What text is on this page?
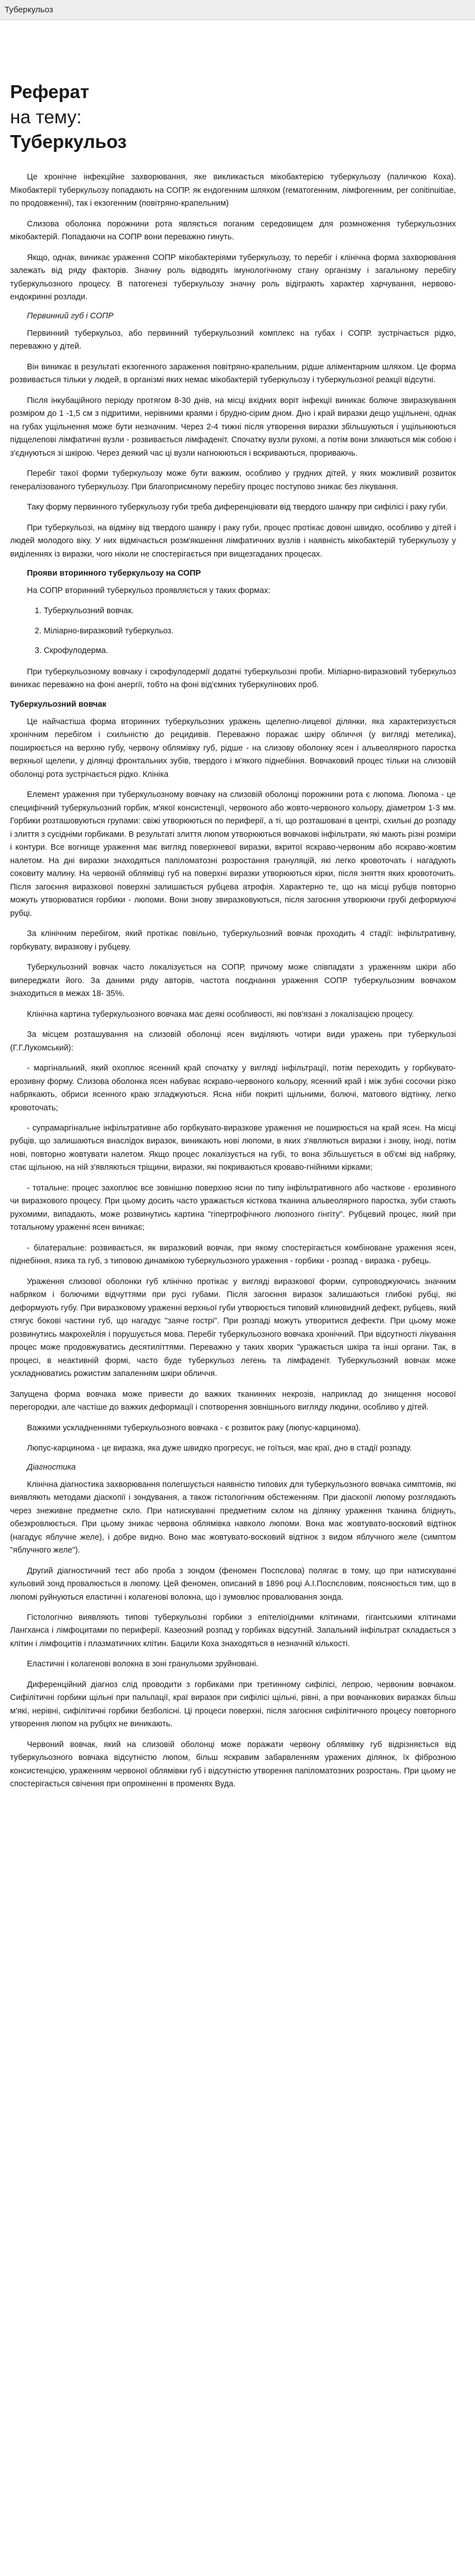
Туберкульоз
Реферат
на тему:
Туберкульоз

Це хронічне інфекційне захворювання, яке викликається мікобактерією туберкульозу (паличкою Коха). Мікобактерії туберкульозу попадають на СОПР. як ендогенним шляхом (гематогенним, лімфогенним, per conitinuitiae, по продовженні), так і екзогенним (повітряно-крапельним)

Слизова оболонка порожнини рота являється поганим середовищем для розмноження туберкульозних мікобактерій. Попадаючи на СОПР вони переважно гинуть.

Якщо, однак, виникає ураження СОПР мікобактеріями туберкульозу, то перебіг і клінічна форма захворювання залежать від ряду факторів. Значну роль відводять імунологічному стану організму і загальному перебігу туберкульозного процесу. В патогенезі туберкульозу значну роль відіграють характер харчування, нервово-ендокринні розлади.

Первинний губ і СОПР

Первинний туберкульоз, або первинний туберкульозний комплекс на губах і СОПР. зустрічається рідко, переважно у дітей.

Він виникає в результаті екзогенного зараження повітряно-крапельним, рідше аліментарним шляхом. Це форма розвивається тільки у людей, в організмі яких немає мікобактерій туберкульозу і туберкульозної реакції відсутні.

Після інкубаційного періоду протягом 8-30 днів, на місці вхідних воріт інфекції виникає болюче звиразкування розміром до 1 -1,5 см з підритими, нерівними краями і брудно-сірим дном. Дно і край виразки дещо ущільнені, однак на губах ущільнення може бути незначним. Через 2-4 тижні після утворення виразки збільшуються і ущільнюються підщелепові лімфатичні вузли - розвивається лімфаденіт. Спочатку вузли рухомі, а потім вони злиаються між собою і з'єднуються зі шкірою. Через деякий час ці вузли нагноюються і вскриваються, прориваючь.

Перебіг такої форми туберкульозу може бути важким, особливо у грудних дітей, у яких можливий розвиток генералізованого туберкульозу. При благоприємному перебігу процес поступово зникає без лікування.

Таку форму первинного туберкульозу губи треба диференціювати від твердого шанкру при сифілісі і раку губи.

При туберкульозі, на відміну від твердого шанкру і раку губи, процес протікає довоні швидко, особливо у дітей і людей молодого віку. У них відмічається розм'якшення лімфатичних вузлів і наявність мікобактерій туберкульозу у виділеннях із виразки, чого ніколи не спостерігається при вищезгаданих процесах.

Прояви вторинного туберкульозу на СОПР

На СОПР вторинний туберкульоз проявляється у таких формах:

1. Туберкульозний вовчак.
2. Міліарно-виразковий туберкульоз.
3. Скрофулодерма.

При туберкульозному вовчаку і скрофулодермії додатні туберкульозні проби. Міліарно-виразковий туберкульоз виникає переважно на фоні анергії, тобто на фоні від'ємних туберкулінових проб.

Туберкульозний вовчак

Це найчастіша форма вторинних туберкульозних уражень щелепно-лицевої ділянки, яка характеризується хронічним перебігом і схильністю до рецидивів. Переважно поражає шкіру обличчя (у вигляді метелика), поширюється на верхню губу, червону облямівку губ, рідше - на слизову оболонку ясен і альвеолярного паростка верхньої щелепи, у ділянці фронтальних зубів, твердого і м'якого піднебіння. Вовчаковий процес тільки на слизовій оболонці рота зустрічається рідко. Клініка

Елемент ураження при туберкульозному вовчаку на слизовій оболонці порожнини рота є люпома. Люпома - це специфічний туберкульозний горбик, м'якої консистенції, червоного або жовто-червоного кольору, діаметром 1-3 мм. Горбики розташовуються групами: свіжі утворюються по периферії, а ті, що розташовані в центрі, схильні до розпаду і злиття з сусідніми горбиками. В результаті злиття люпом утворюються вовчакові інфільтрати, які мають різні розміри і контури. Все вогнище ураження має вигляд поверхневої виразки, вкритої яскраво-червоним або яскраво-жовтим налетом. На дні виразки знаходяться папіломатозні розростання грануляцій, які легко кровоточать і нагадують соковиту малину. На червоній облямівці губ на поверхні виразки утворюються кірки, після зняття яких кровоточить. Після загоєння виразкової поверхні залишається рубцева атрофія. Характерно те, що на місці рубців повторно можуть утворюватися горбики - люпоми. Вони знову звиразковуються, після загоєння утворюючи грубі деформуючі рубці.

За клінічним перебігом, який протікає повільно, туберкульозний вовчак проходить 4 стадії: інфільтративну, горбкувату, виразкову і рубцеву.

Туберкульозний вовчак часто локалізується на СОПР, причому може співпадати з ураженням шкіри або випереджати його. За даними ряду авторів, частота поєднання ураження СОПР туберкульозним вовчаком знаходиться в межах 18- 35%.

Клінічна картина туберкульозного вовчака має деякі особливості, які пов'язані з локалізацією процесу.

За місцем розташування на слизовій оболонці ясен виділяють чотири види уражень при туберкульозі (Г.Г.Лукомський):

- маргінальний, який охоплює ясенний край спочатку у вигляді інфільтрації, потім переходить у горбкувато-ерозивну форму. Слизова оболонка ясен набуває яскраво-червоного кольору, ясенний край і між зубні сосочки різко набрякають, обриси ясенного краю згладжуються. Ясна ніби покриті щільними, болючі, матового відтінку, легко кровоточать;

- супрамаргінальне інфільтративне або горбкувато-виразкове ураження не поширюється на край ясен. На місці рубців, що залишаються внаслідок виразок, виникають нові люпоми, в яких з'являються виразки і знову, іноді, потім нові, повторно жовтувати налетом. Якщо процес локалізується на губі, то вона збільшується в об'ємі від набряку, стає щільною, на ній з'являються тріщини, виразки, які покриваються кроваво-гнійними кірками;

- тотальне: процес захоплює все зовнішню поверхню ясни по типу інфільтративного або часткове - ерозивного чи виразкового процесу. При цьому досить часто уражається кісткова тканина альвеолярного паростка, зуби стають рухомими, випадають, може розвинутись картина "гіпертрофічного люпозного гінгіту". Рубцевий процес, який при тотальному ураженні ясен виникає;

- білатеральне: розвивається, як виразковий вовчак, при якому спостерігається комбіноване ураження ясен, піднебіння, язика та губ, з типовою динамікою туберкульозного ураження - горбики - розпад - виразка - рубець.

Ураження слизової оболонки губ клінічно протікає у вигляді виразкової форми, супроводжуючись значним набряком і болючими відчуттями при русі губами. Після загоєння виразок залишаються глибокі рубці, які деформують губу. При виразковому ураженні верхньої губи утворюється типовий клиновидний дефект, рубцевь, який стягує бокові частини губ, що нагадує "заяче гострі". При розпаді можуть утворитися дефекти. При цьому може розвинутись макрохейлія і порушується мова. Перебіг туберкульозного вовчака хронічний. При відсутності лікування процес може продовжуватись десятиліттями. Переважно у таких хворих "уражається шкіра та інші органи. Так, в процесі, в неактивній формі, часто буде туберкульоз легень та лімфаденіт. Туберкульозний вовчак може ускладнюватись рожистим запаленням шкіри обличчя.

Запущена форма вовчака може привести до важких тканинних некрозів, наприклад до знищення носової перегородки, але частіше до важких деформації і спотворення зовнішнього вигляду людини, особливо у дітей.

Важкими ускладненнями туберкульозного вовчака - є розвиток раку (люпус-карцинома).

Люпус-карцинома - це виразка, яка дуже швидко прогресує, не гоїться, має краї, дно в стадії розпаду.

Діагностика

Клінічна діагностика захворювання полегшується наявністю типових для туберкульозного вовчака симптомів, які виявляють методами діаскопії і зондування, а також гістологічним обстеженням. При діаскопії люпому розглядають через знеживне предметне скло. При натискуванні предметним склом на ділянку ураження тканина бліднуть, обезкровлюється. При цьому зникає червона облямівка навколо люпоми. Вона має жовтувато-восковий відтінок (нагадує яблучне желе), і добре видно. Воно має жовтувато-восковий відтінок з видом яблучного желе (симптом "яблучного желе").

Другий діагностичний тест або проба з зондом (феномен Поспєлова) полягає в тому, що при натискуванні кульовий зонд провалюється в люпому. Цей феномен, описаний в 1896 році А.І.Поспєловим, пояснюється тим, що в люпомі руйнуються еластичні і колагенові волокна, що і зумовлює провалювання зонда.

Гістологічно виявляють типові туберкульозні горбики з епітеліоїдними клітинами, гігантськими клітинами Лангханса і лімфоцитами по периферії. Казеозний розпад у горбиках відсутній. Запальний інфільтрат складається з клітин і лімфоцитів і плазматичних клітин. Бацили Коха знаходяться в незначній кількості.

Еластичні і колагенові волокна в зоні гранульоми зруйновані.

Диференційний діагноз слід проводити з горбиками при третинному сифілісі, лепрою, червоним вовчаком. Сифілітичні горбики щільні при пальпації, краї виразок при сифілісі щільні, рівні, а при вовчанкових виразках більш м'які, нерівні, сифілітичні горбики безболісні. Ці процеси поверхні, після загоєння сифілітичного процесу повторного утворення люпом на рубцях не виникають.

Червоний вовчак, який на слизовій оболонці може поражати червону облямівку губ відрізняється від туберкульозного вовчака відсутністю люпом, більш яскравим забарвленням уражених ділянок, їх фіброзною консистенцією, ураженням червоної облямівки губ і відсутністю утворення папіломатозних розростань. При цьому не спостерігається свічення при опроміненні в променях Вуда.
